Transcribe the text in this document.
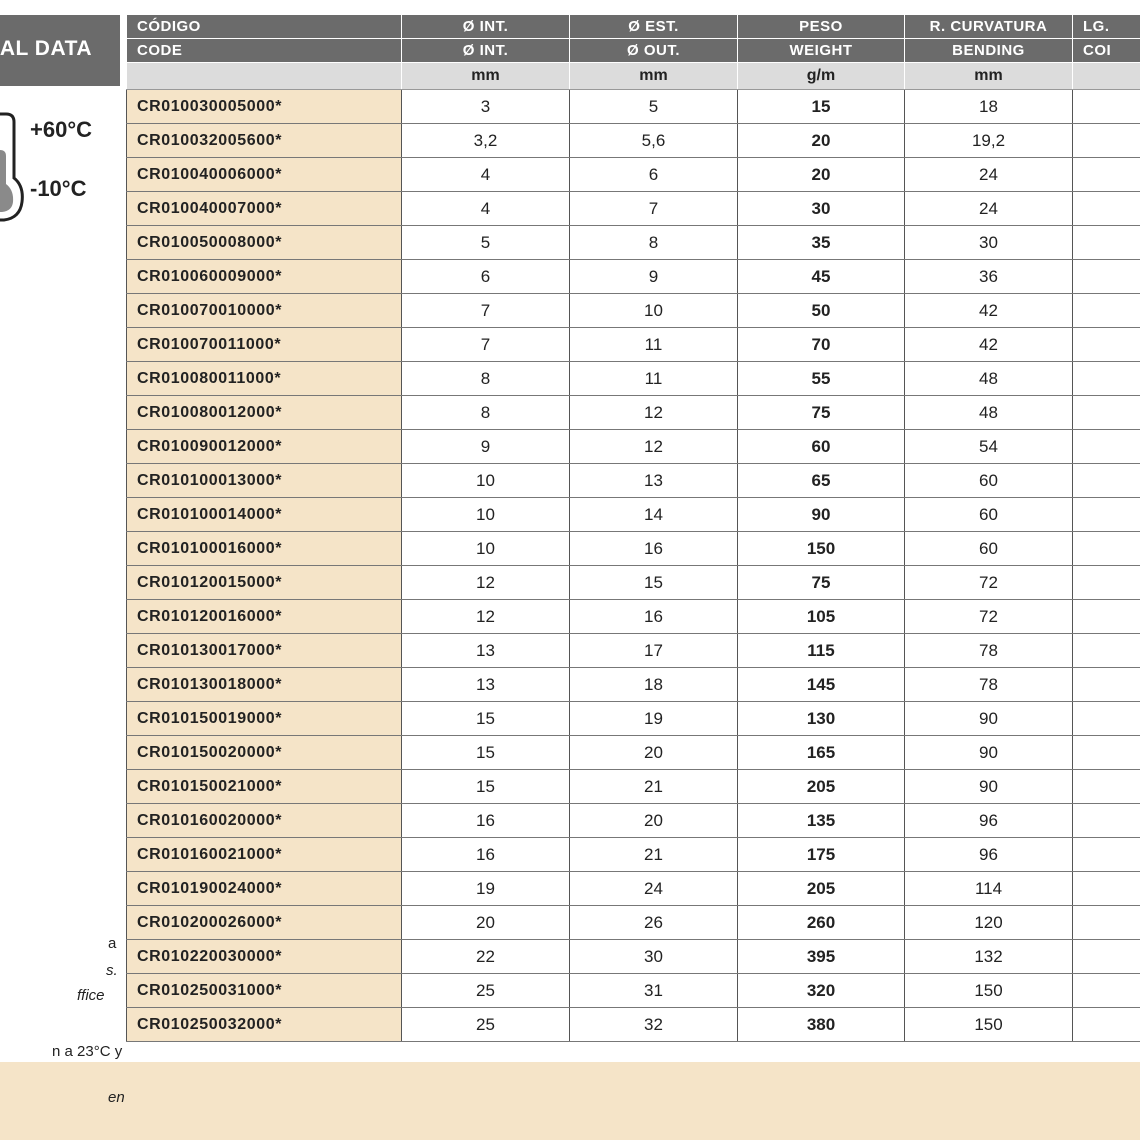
AL DATA
+60°C
-10°C
a
s.
ffice
n a 23°C y
en
CÓDIGO	Ø INT.	Ø EST.	PESO	R. CURVATURA	LG.
CODE	Ø INT.	Ø OUT.	WEIGHT	BENDING	COI
	mm	mm	g/m	mm	
CR010030005000*	3	5	15	18	
CR010032005600*	3,2	5,6	20	19,2	
CR010040006000*	4	6	20	24	
CR010040007000*	4	7	30	24	
CR010050008000*	5	8	35	30	
CR010060009000*	6	9	45	36	
CR010070010000*	7	10	50	42	
CR010070011000*	7	11	70	42	
CR010080011000*	8	11	55	48	
CR010080012000*	8	12	75	48	
CR010090012000*	9	12	60	54	
CR010100013000*	10	13	65	60	
CR010100014000*	10	14	90	60	
CR010100016000*	10	16	150	60	
CR010120015000*	12	15	75	72	
CR010120016000*	12	16	105	72	
CR010130017000*	13	17	115	78	
CR010130018000*	13	18	145	78	
CR010150019000*	15	19	130	90	
CR010150020000*	15	20	165	90	
CR010150021000*	15	21	205	90	
CR010160020000*	16	20	135	96	
CR010160021000*	16	21	175	96	
CR010190024000*	19	24	205	114	
CR010200026000*	20	26	260	120	
CR010220030000*	22	30	395	132	
CR010250031000*	25	31	320	150	
CR010250032000*	25	32	380	150	
